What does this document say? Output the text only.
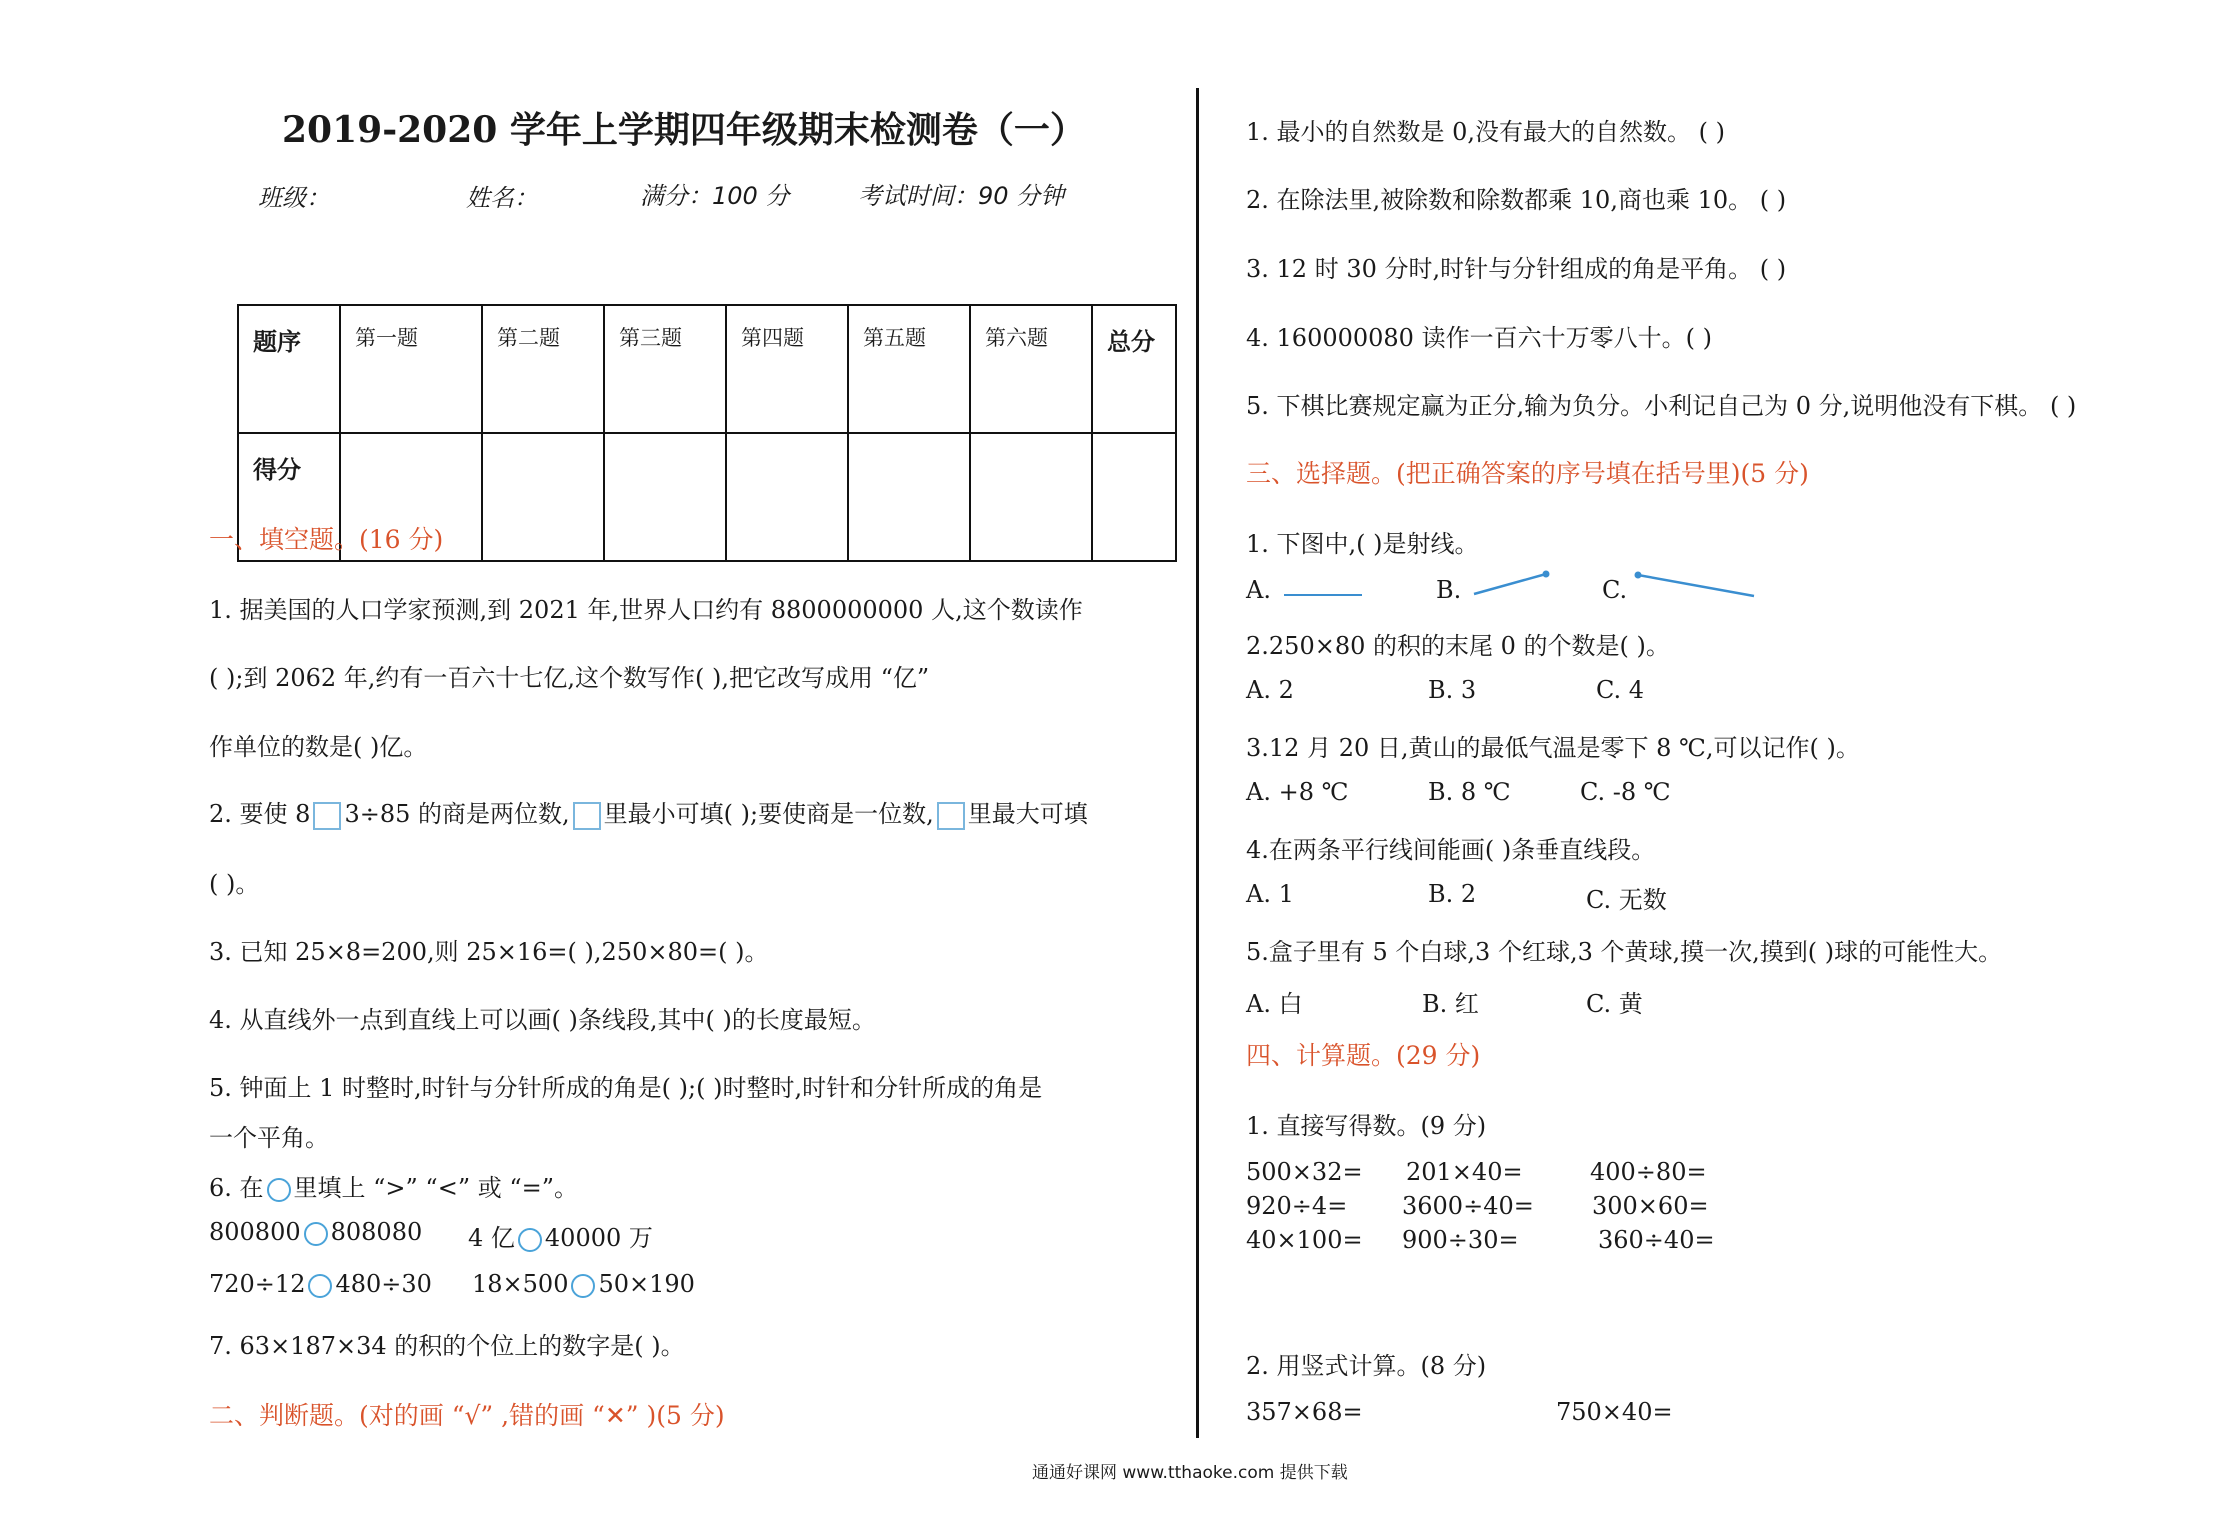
2019-2020 学年上学期四年级期末检测卷（一）
班级：	姓名：	满分：100 分	考试时间：90 分钟
题序	第一题	第二题	第三题	第四题	第五题	第六题	总分
得分							
一、填空题。(16 分)
1. 据美国的人口学家预测,到 2021 年,世界人口约有 8800000000 人,这个数读作
( );到 2062 年,约有一百六十七亿,这个数写作( ),把它改写成用 “亿”
作单位的数是( )亿。
2. 要使 8 3÷85 的商是两位数, 里最小可填( );要使商是一位数, 里最大可填
( )。
3. 已知 25×8=200,则 25×16=( ),250×80=( )。
4. 从直线外一点到直线上可以画( )条线段,其中( )的长度最短。
5. 钟面上 1 时整时,时针与分针所成的角是( );( )时整时,时针和分针所成的角是
一个平角。
6. 在 里填上 “>” “<” 或 “=”。
800800 808080 4 亿 40000 万
720÷12 480÷30 18×500 50×190
7. 63×187×34 的积的个位上的数字是( )。
二、判断题。(对的画 “√” ,错的画 “✕” )(5 分)
1. 最小的自然数是 0,没有最大的自然数。 ( )
2. 在除法里,被除数和除数都乘 10,商也乘 10。 ( )
3. 12 时 30 分时,时针与分针组成的角是平角。 ( )
4. 160000080 读作一百六十万零八十。( )
5. 下棋比赛规定赢为正分,输为负分。小利记自己为 0 分,说明他没有下棋。 ( )
三、选择题。(把正确答案的序号填在括号里)(5 分)
1. 下图中,( )是射线。
A.	B.	C.
2.250×80 的积的末尾 0 的个数是( )。
A. 2	B. 3	C. 4
3.12 月 20 日,黄山的最低气温是零下 8 ℃,可以记作( )。
A. +8 ℃	B. 8 ℃	C. -8 ℃
4.在两条平行线间能画( )条垂直线段。
A. 1	B. 2	C. 无数
5.盒子里有 5 个白球,3 个红球,3 个黄球,摸一次,摸到( )球的可能性大。
A. 白	B. 红	C. 黄
四、计算题。(29 分)
1. 直接写得数。(9 分)
500×32= 201×40=	400÷80=
920÷4= 3600÷40= 300×60=
40×100= 900÷30=	360÷40=
2. 用竖式计算。(8 分)
357×68=	750×40=
通通好课网 www.tthaoke.com 提供下载
